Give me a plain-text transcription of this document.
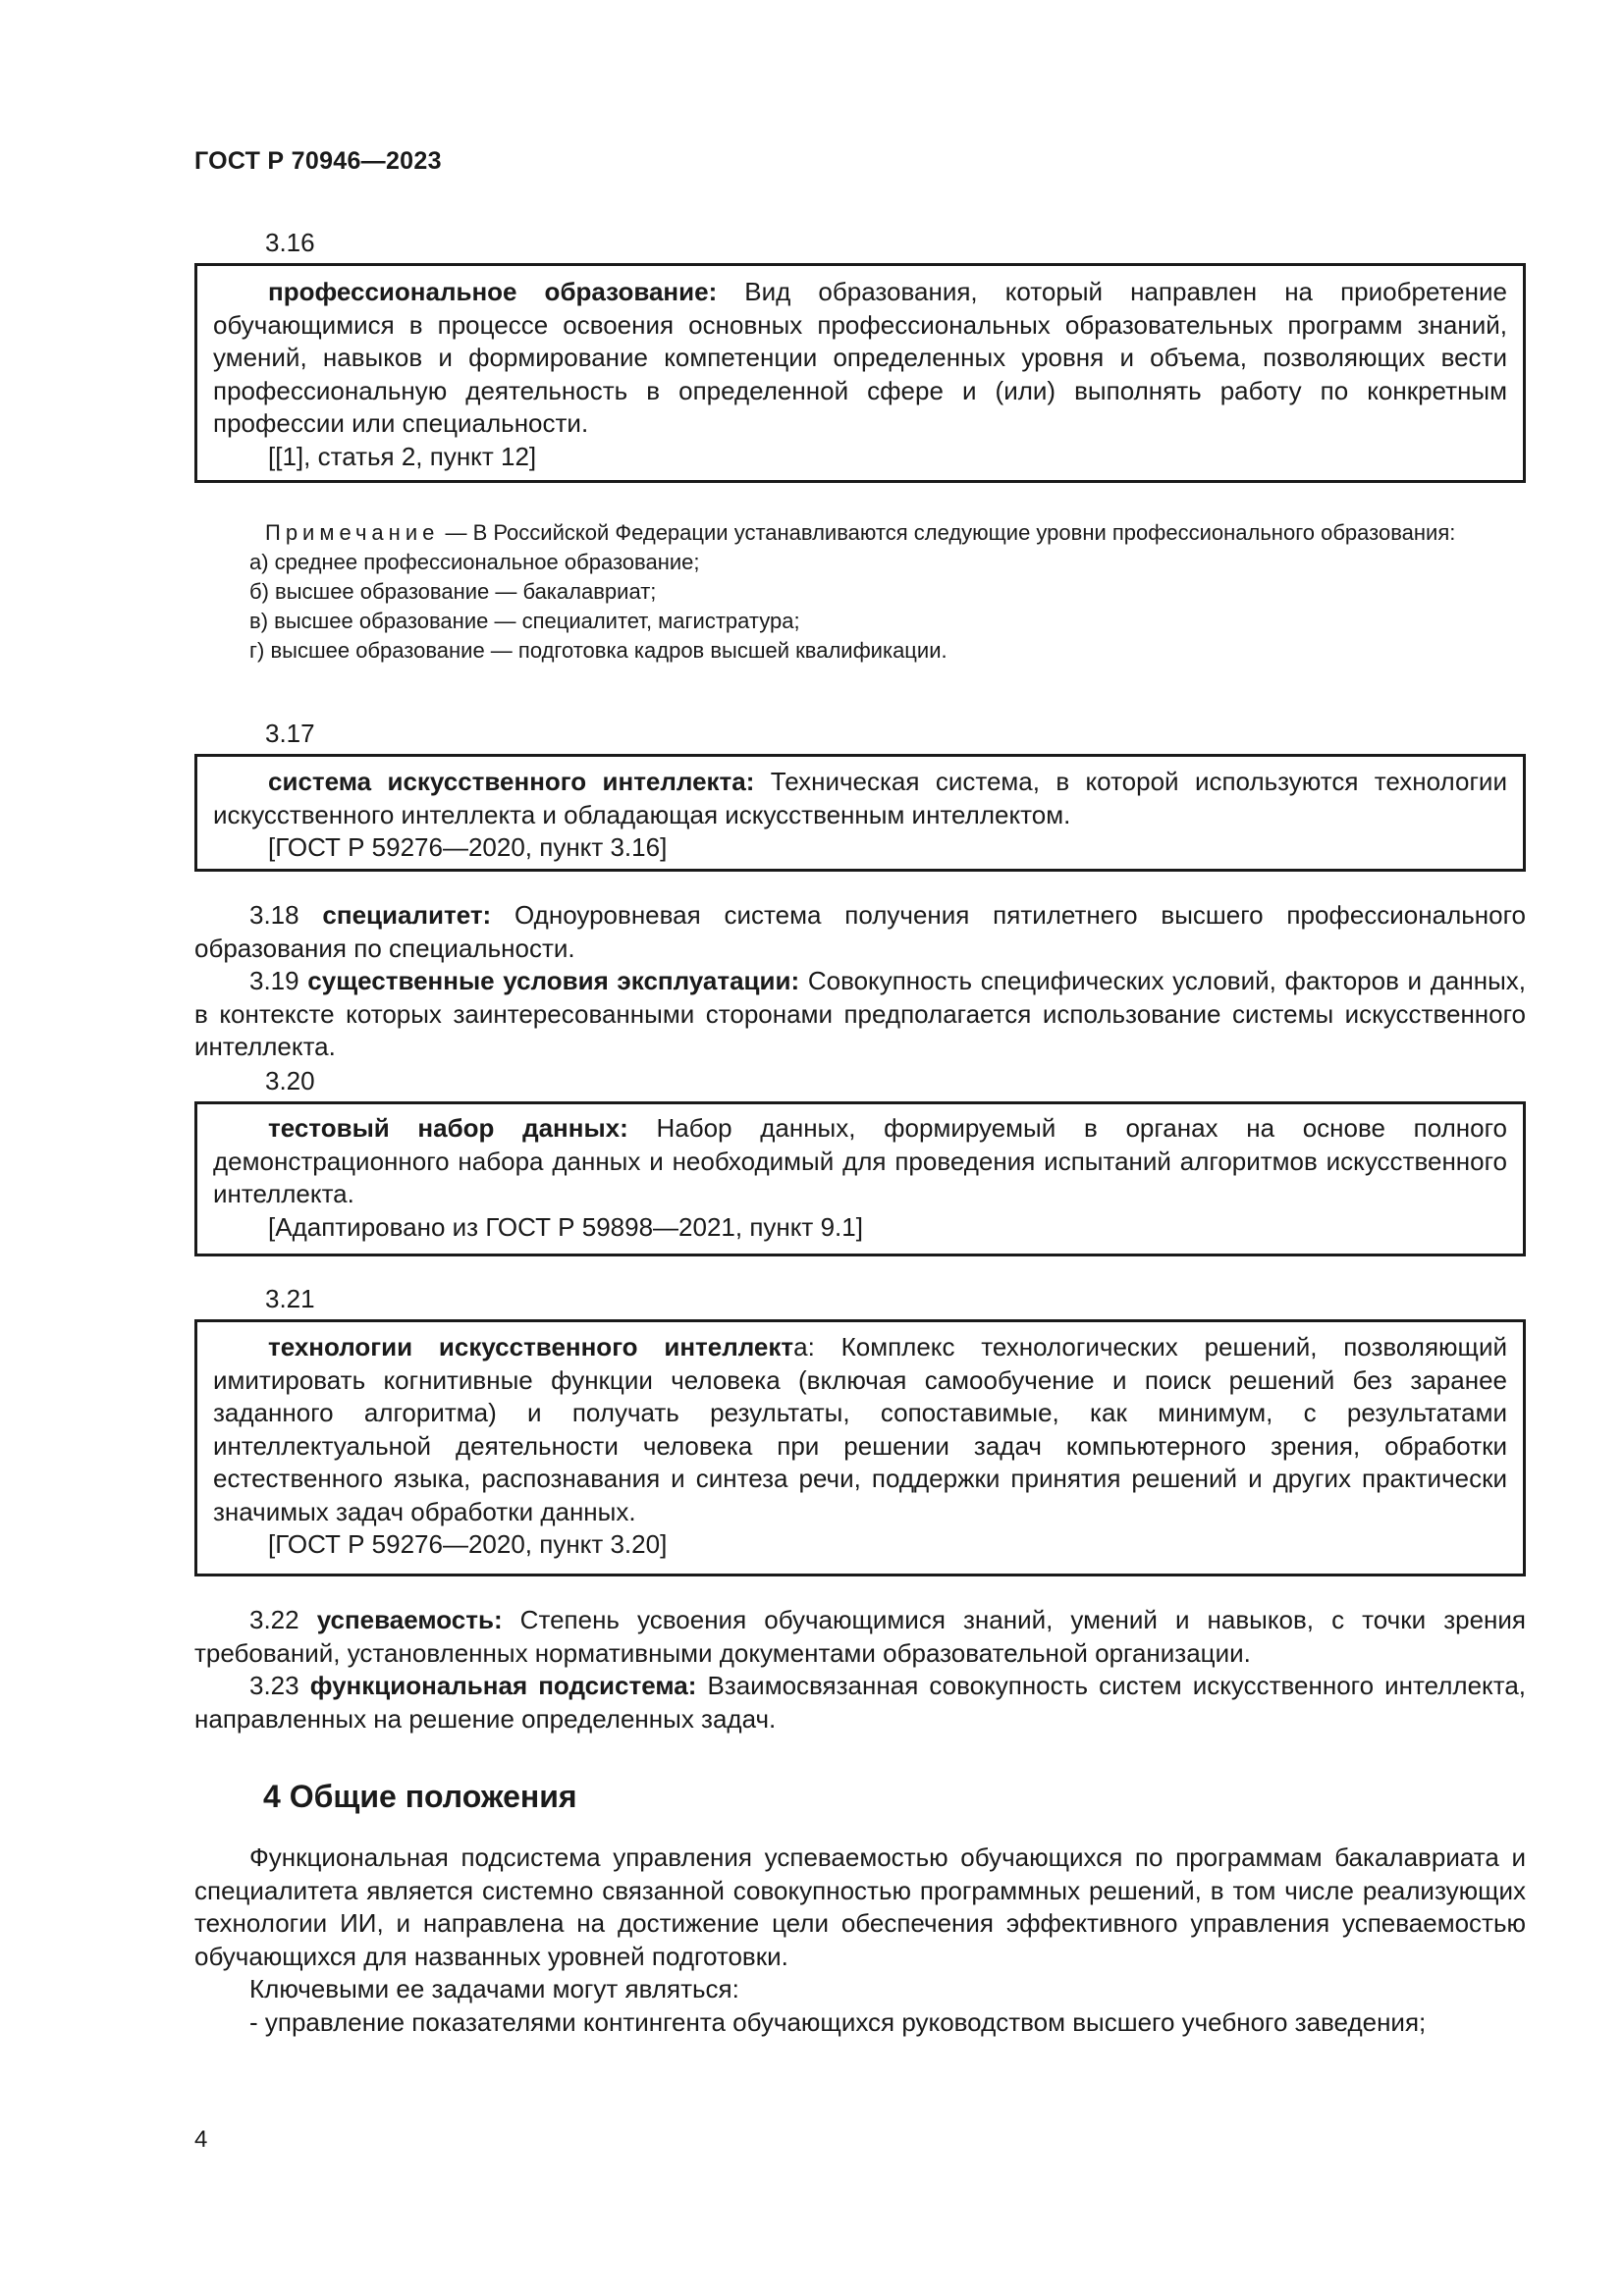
ГОСТ Р 70946—2023
3.16

профессиональное образование: Вид образования, который направлен на приобретение обучающимися в процессе освоения основных профессиональных образовательных программ знаний, умений, навыков и формирование компетенции определенных уровня и объема, позволяющих вести профессиональную деятельность в определенной сфере и (или) выполнять работу по конкретным профессии или специальности.

[[1], статья 2, пункт 12]

Примечание — В Российской Федерации устанавливаются следующие уровни профессионального образования:

а) среднее профессиональное образование;

б) высшее образование — бакалавриат;

в) высшее образование — специалитет, магистратура;

г) высшее образование — подготовка кадров высшей квалификации.

3.17

система искусственного интеллекта: Техническая система, в которой используются технологии искусственного интеллекта и обладающая искусственным интеллектом.

[ГОСТ Р 59276—2020, пункт 3.16]

3.18 специалитет: Одноуровневая система получения пятилетнего высшего профессионального образования по специальности.

3.19 существенные условия эксплуатации: Совокупность специфических условий, факторов и данных, в контексте которых заинтересованными сторонами предполагается использование системы искусственного интеллекта.

3.20

тестовый набор данных: Набор данных, формируемый в органах на основе полного демонстрационного набора данных и необходимый для проведения испытаний алгоритмов искусственного интеллекта.

[Адаптировано из ГОСТ Р 59898—2021, пункт 9.1]

3.21

технологии искусственного интеллекта: Комплекс технологических решений, позволяющий имитировать когнитивные функции человека (включая самообучение и поиск решений без заранее заданного алгоритма) и получать результаты, сопоставимые, как минимум, с результатами интеллектуальной деятельности человека при решении задач компьютерного зрения, обработки естественного языка, распознавания и синтеза речи, поддержки принятия решений и других практически значимых задач обработки данных.

[ГОСТ Р 59276—2020, пункт 3.20]

3.22 успеваемость: Степень усвоения обучающимися знаний, умений и навыков, с точки зрения требований, установленных нормативными документами образовательной организации.

3.23 функциональная подсистема: Взаимосвязанная совокупность систем искусственного интеллекта, направленных на решение определенных задач.

4 Общие положения

Функциональная подсистема управления успеваемостью обучающихся по программам бакалавриата и специалитета является системно связанной совокупностью программных решений, в том числе реализующих технологии ИИ, и направлена на достижение цели обеспечения эффективного управления успеваемостью обучающихся для названных уровней подготовки.

Ключевыми ее задачами могут являться:

- управление показателями контингента обучающихся руководством высшего учебного заведения;

4
